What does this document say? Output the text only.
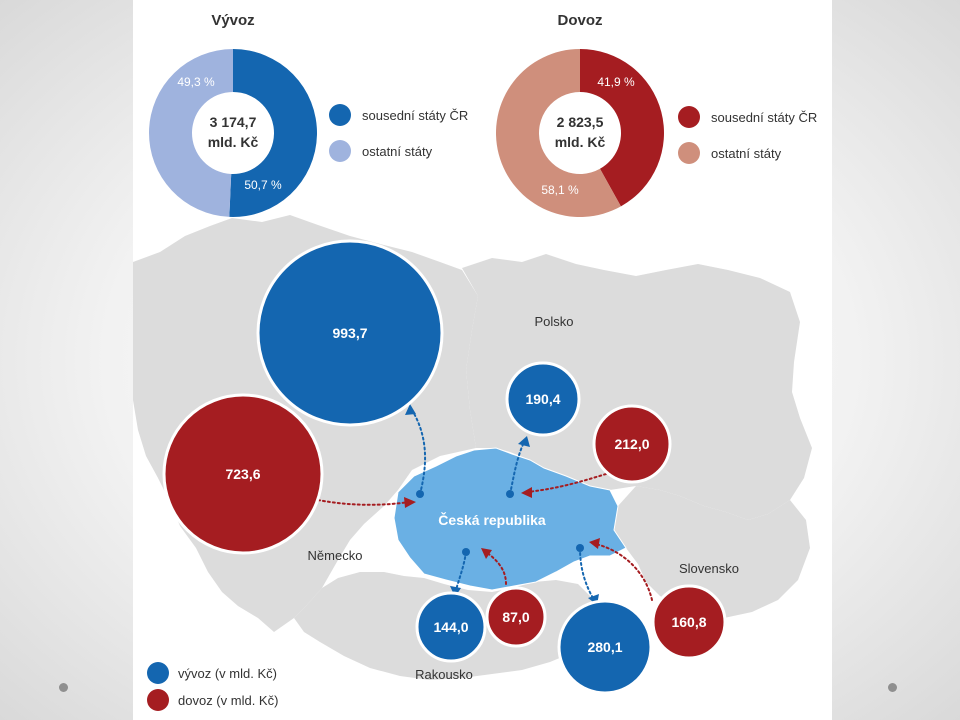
993,7
723,6
190,4
212,0
144,0
87,0
280,1
160,8
Česká republika
Německo
Polsko
Slovensko
Rakousko
vývoz (v mld. Kč)
dovoz (v mld. Kč)
Vývoz
3 174,7
mld. Kč
49,3 %
50,7 %
sousední státy ČR
ostatní státy
Dovoz
2 823,5
mld. Kč
41,9 %
58,1 %
sousední státy ČR
ostatní státy
